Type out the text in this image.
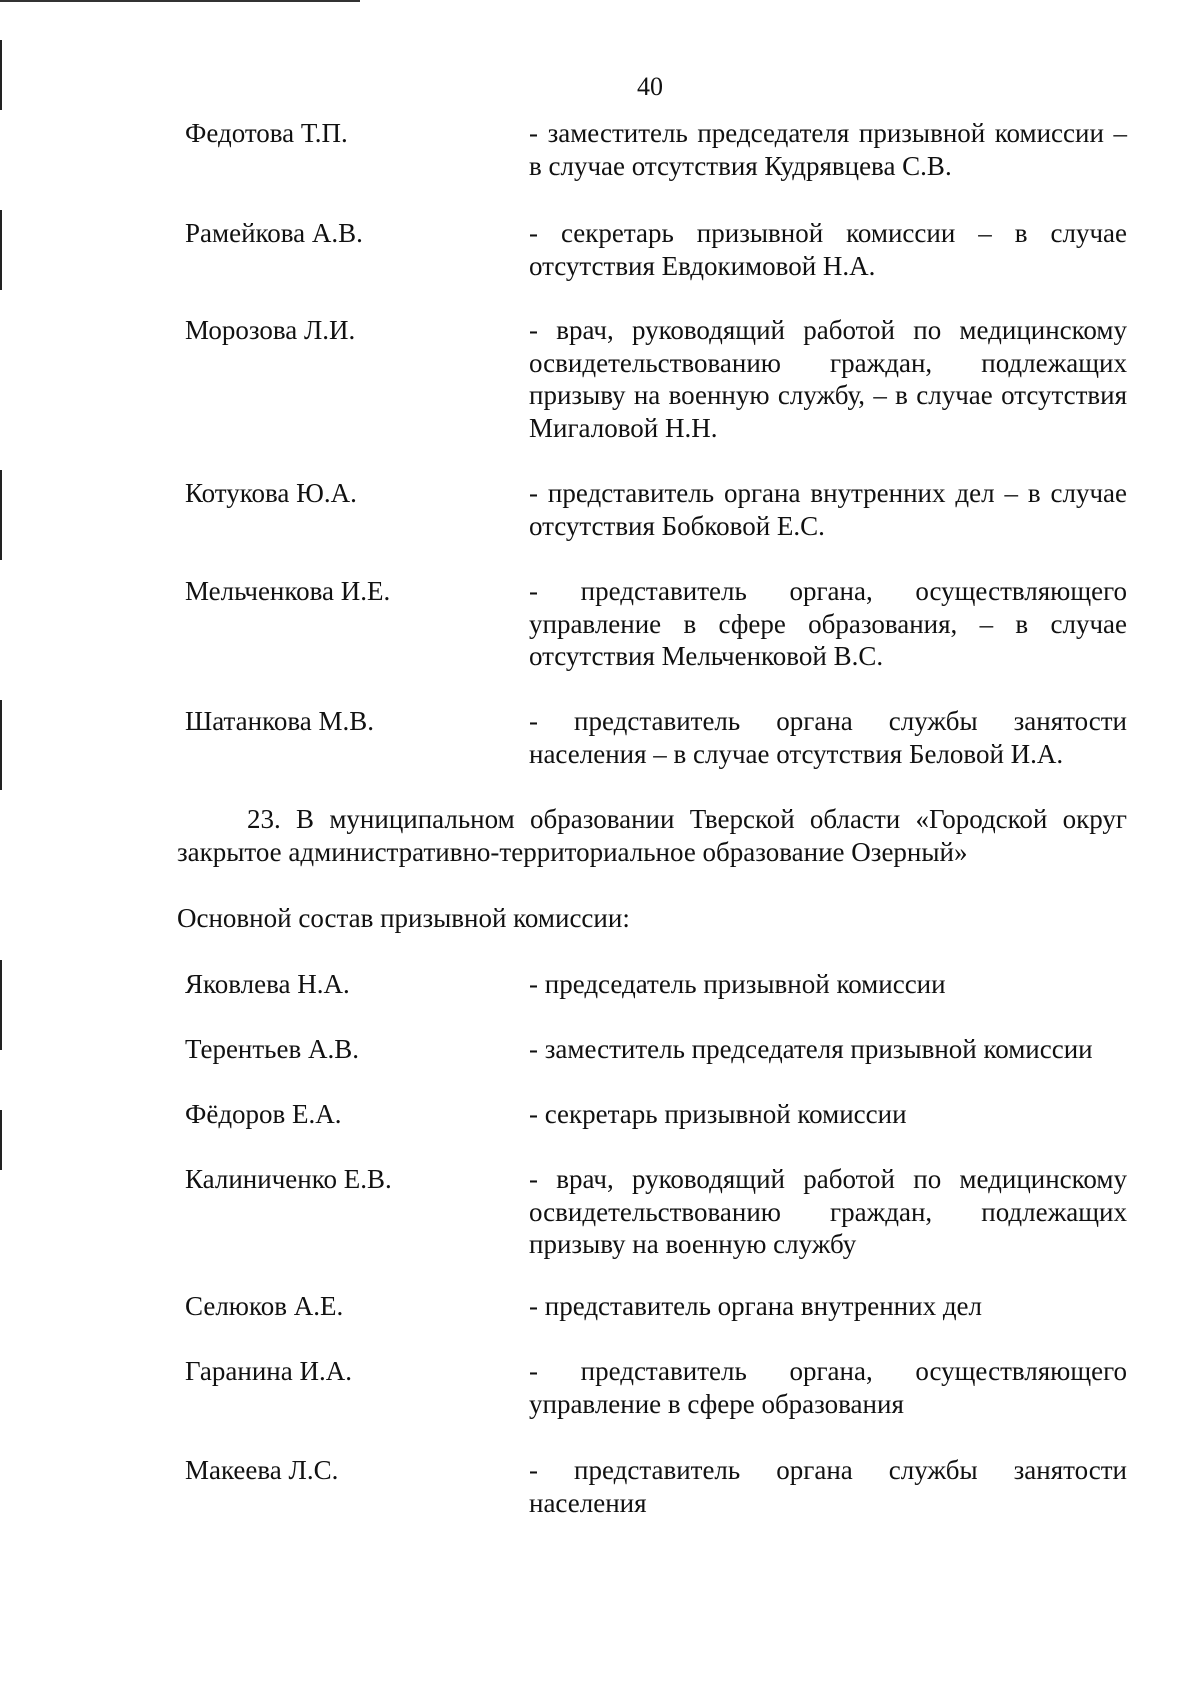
40
Федотова Т.П.	- заместитель председателя призывной комиссии – в случае отсутствия Кудрявцева С.В.
Рамейкова А.В.	- секретарь призывной комиссии – в случае отсутствия Евдокимовой Н.А.
Морозова Л.И.	- врач, руководящий работой по медицинскому освидетельствованию граждан, подлежащих призыву на военную службу, – в случае отсутствия Мигаловой Н.Н.
Котукова Ю.А.	- представитель органа внутренних дел – в случае отсутствия Бобковой Е.С.
Мельченкова И.Е.	- представитель органа, осуществляющего управление в сфере образования, – в случае отсутствия Мельченковой В.С.
Шатанкова М.В.	- представитель органа службы занятости населения – в случае отсутствия Беловой И.А.
23. В муниципальном образовании Тверской области «Городской округ закрытое административно-территориальное образование Озерный»
Основной состав призывной комиссии:
Яковлева Н.А.	- председатель призывной комиссии
Терентьев А.В.	- заместитель председателя призывной комиссии
Фёдоров Е.А.	- секретарь призывной комиссии
Калиниченко Е.В.	- врач, руководящий работой по медицинскому освидетельствованию граждан, подлежащих призыву на военную службу
Селюков А.Е.	- представитель органа внутренних дел
Гаранина И.А.	- представитель органа, осуществляющего управление в сфере образования
Макеева Л.С.	- представитель органа службы занятости населения
